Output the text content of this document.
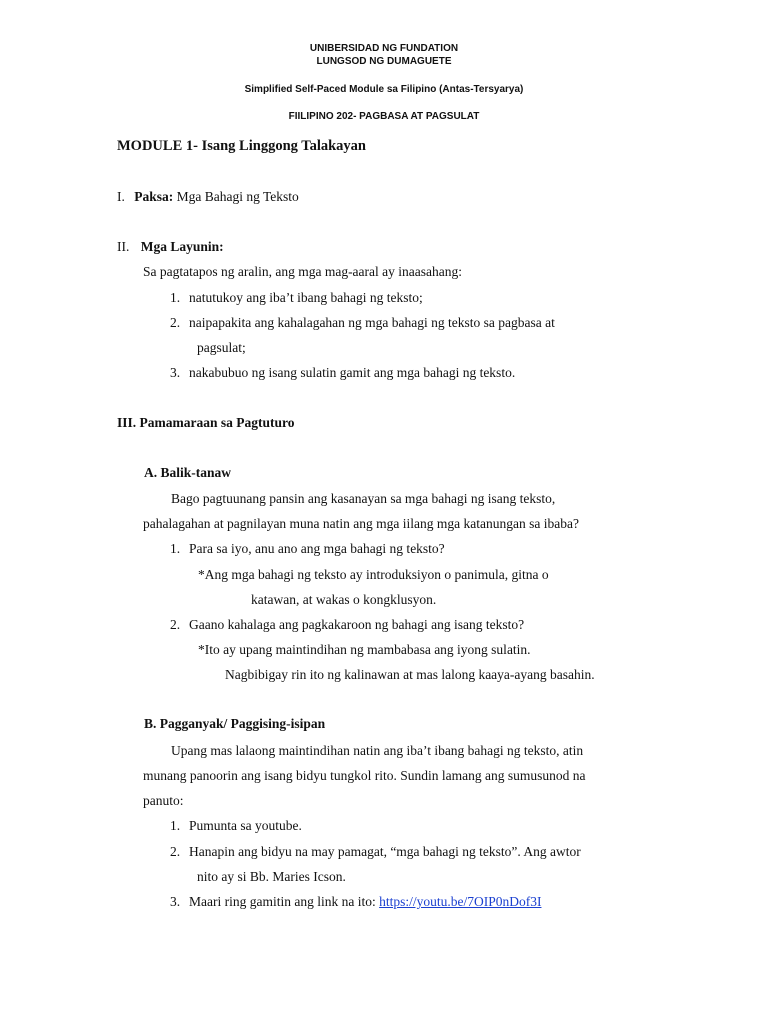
UNIBERSIDAD NG FUNDATION
LUNGSOD NG DUMAGUETE
Simplified Self-Paced Module sa Filipino (Antas-Tersyarya)
FIILIPINO 202- PAGBASA AT PAGSULAT
MODULE 1- Isang Linggong Talakayan
I. Paksa: Mga Bahagi ng Teksto
II. Mga Layunin:
Sa pagtatapos ng aralin, ang mga mag-aaral ay inaasahang:
1. natutukoy ang iba’t ibang bahagi ng teksto;
2. naipapakita ang kahalagahan ng mga bahagi ng teksto sa pagbasa at
pagsulat;
3. nakabubuo ng isang sulatin gamit ang mga bahagi ng teksto.
III. Pamamaraan sa Pagtuturo
A. Balik-tanaw
Bago pagtuunang pansin ang kasanayan sa mga bahagi ng isang teksto,
pahalagahan at pagnilayan muna natin ang mga iilang mga katanungan sa ibaba?
1. Para sa iyo, anu ano ang mga bahagi ng teksto?
*Ang mga bahagi ng teksto ay introduksiyon o panimula, gitna o
katawan, at wakas o kongklusyon.
2. Gaano kahalaga ang pagkakaroon ng bahagi ang isang teksto?
*Ito ay upang maintindihan ng mambabasa ang iyong sulatin.
Nagbibigay rin ito ng kalinawan at mas lalong kaaya-ayang basahin.
B. Pagganyak/ Paggising-isipan
Upang mas lalaong maintindihan natin ang iba’t ibang bahagi ng teksto, atin
munang panoorin ang isang bidyu tungkol rito. Sundin lamang ang sumusunod na
panuto:
1. Pumunta sa youtube.
2. Hanapin ang bidyu na may pamagat, “mga bahagi ng teksto”. Ang awtor
nito ay si Bb. Maries Icson.
3. Maari ring gamitin ang link na ito: https://youtu.be/7OIP0nDof3I
